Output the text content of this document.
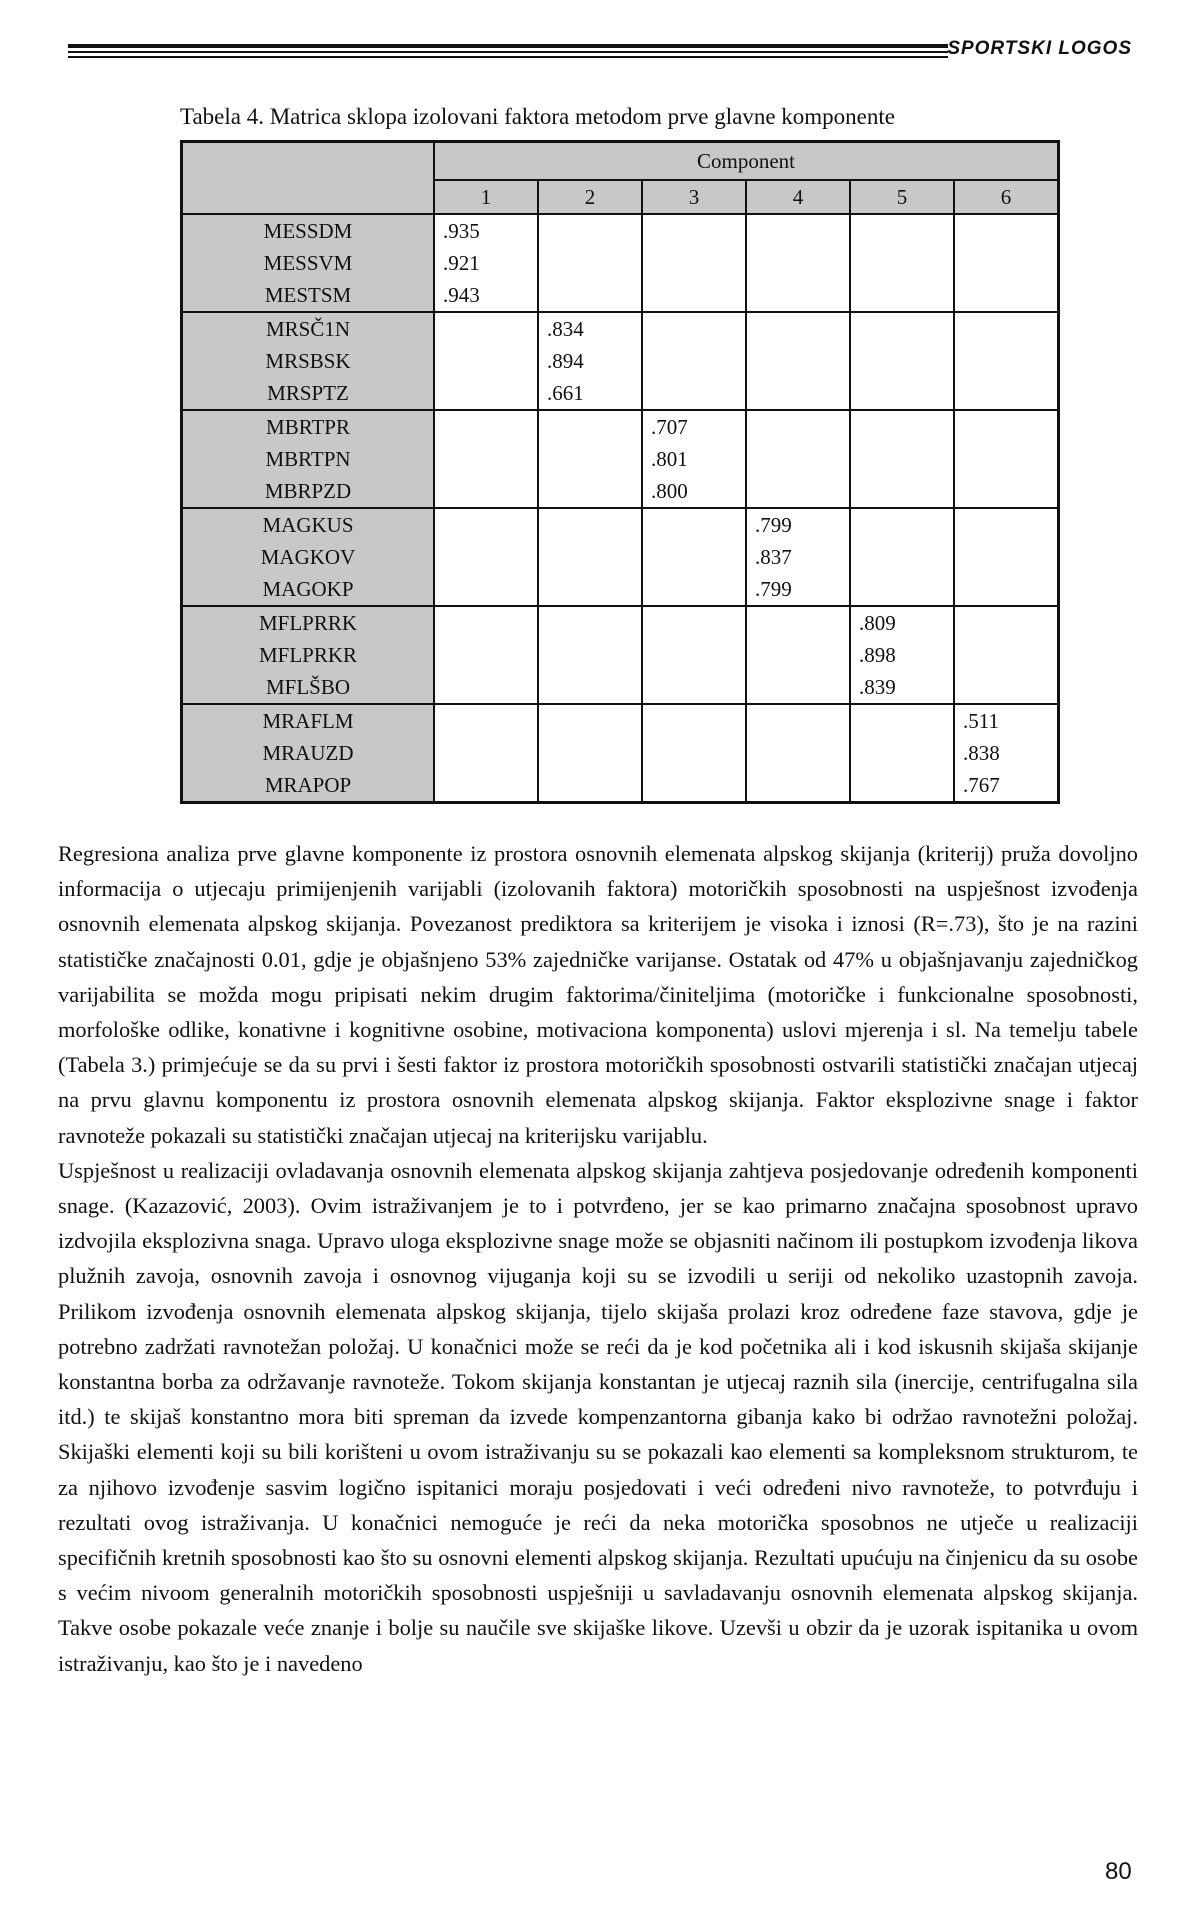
SPORTSKI LOGOS
Tabela 4. Matrica sklopa izolovani faktora metodom prve glavne komponente
	Component					
	1	2	3	4	5	6
MESSDM	.935					
MESSVM	.921					
MESTSM	.943					
MRSČ1N		.834				
MRSBSK		.894				
MRSPTZ		.661				
MBRTPR			.707			
MBRTPN			.801			
MBRPZD			.800			
MAGKUS				.799		
MAGKOV				.837		
MAGOKP				.799		
MFLPRRK					.809	
MFLPRKR					.898	
MFLŠBO					.839	
MRAFLM						.511
MRAUZD						.838
MRAPOP						.767

Regresiona analiza prve glavne komponente iz prostora osnovnih elemenata alpskog skijanja (kriterij) pruža dovoljno informacija o utjecaju primijenjenih varijabli (izolovanih faktora) motoričkih sposobnosti na uspješnost izvođenja osnovnih elemenata alpskog skijanja. Povezanost prediktora sa kriterijem je visoka i iznosi (R=.73), što je na razini statističke značajnosti 0.01, gdje je objašnjeno 53% zajedničke varijanse. Ostatak od 47% u objašnjavanju zajedničkog varijabilita se možda mogu pripisati nekim drugim faktorima/činiteljima (motoričke i funkcionalne sposobnosti, morfološke odlike, konativne i kognitivne osobine, motivaciona komponenta) uslovi mjerenja i sl. Na temelju tabele (Tabela 3.) primjećuje se da su prvi i šesti faktor iz prostora motoričkih sposobnosti ostvarili statistički značajan utjecaj na prvu glavnu komponentu iz prostora osnovnih elemenata alpskog skijanja. Faktor eksplozivne snage i faktor ravnoteže pokazali su statistički značajan utjecaj na kriterijsku varijablu.

Uspješnost u realizaciji ovladavanja osnovnih elemenata alpskog skijanja zahtjeva posjedovanje određenih komponenti snage. (Kazazović, 2003). Ovim istraživanjem je to i potvrđeno, jer se kao primarno značajna sposobnost upravo izdvojila eksplozivna snaga. Upravo uloga eksplozivne snage može se objasniti načinom ili postupkom izvođenja likova plužnih zavoja, osnovnih zavoja i osnovnog vijuganja koji su se izvodili u seriji od nekoliko uzastopnih zavoja. Prilikom izvođenja osnovnih elemenata alpskog skijanja, tijelo skijaša prolazi kroz određene faze stavova, gdje je potrebno zadržati ravnotežan položaj. U konačnici može se reći da je kod početnika ali i kod iskusnih skijaša skijanje konstantna borba za održavanje ravnoteže. Tokom skijanja konstantan je utjecaj raznih sila (inercije, centrifugalna sila itd.) te skijaš konstantno mora biti spreman da izvede kompenzantorna gibanja kako bi održao ravnotežni položaj. Skijaški elementi koji su bili korišteni u ovom istraživanju su se pokazali kao elementi sa kompleksnom strukturom, te za njihovo izvođenje sasvim logično ispitanici moraju posjedovati i veći određeni nivo ravnoteže, to potvrđuju i rezultati ovog istraživanja. U konačnici nemoguće je reći da neka motorička sposobnos ne utječe u realizaciji specifičnih kretnih sposobnosti kao što su osnovni elementi alpskog skijanja. Rezultati upućuju na činjenicu da su osobe s većim nivoom generalnih motoričkih sposobnosti uspješniji u savladavanju osnovnih elemenata alpskog skijanja. Takve osobe pokazale veće znanje i bolje su naučile sve skijaške likove. Uzevši u obzir da je uzorak ispitanika u ovom istraživanju, kao što je i navedeno

80
